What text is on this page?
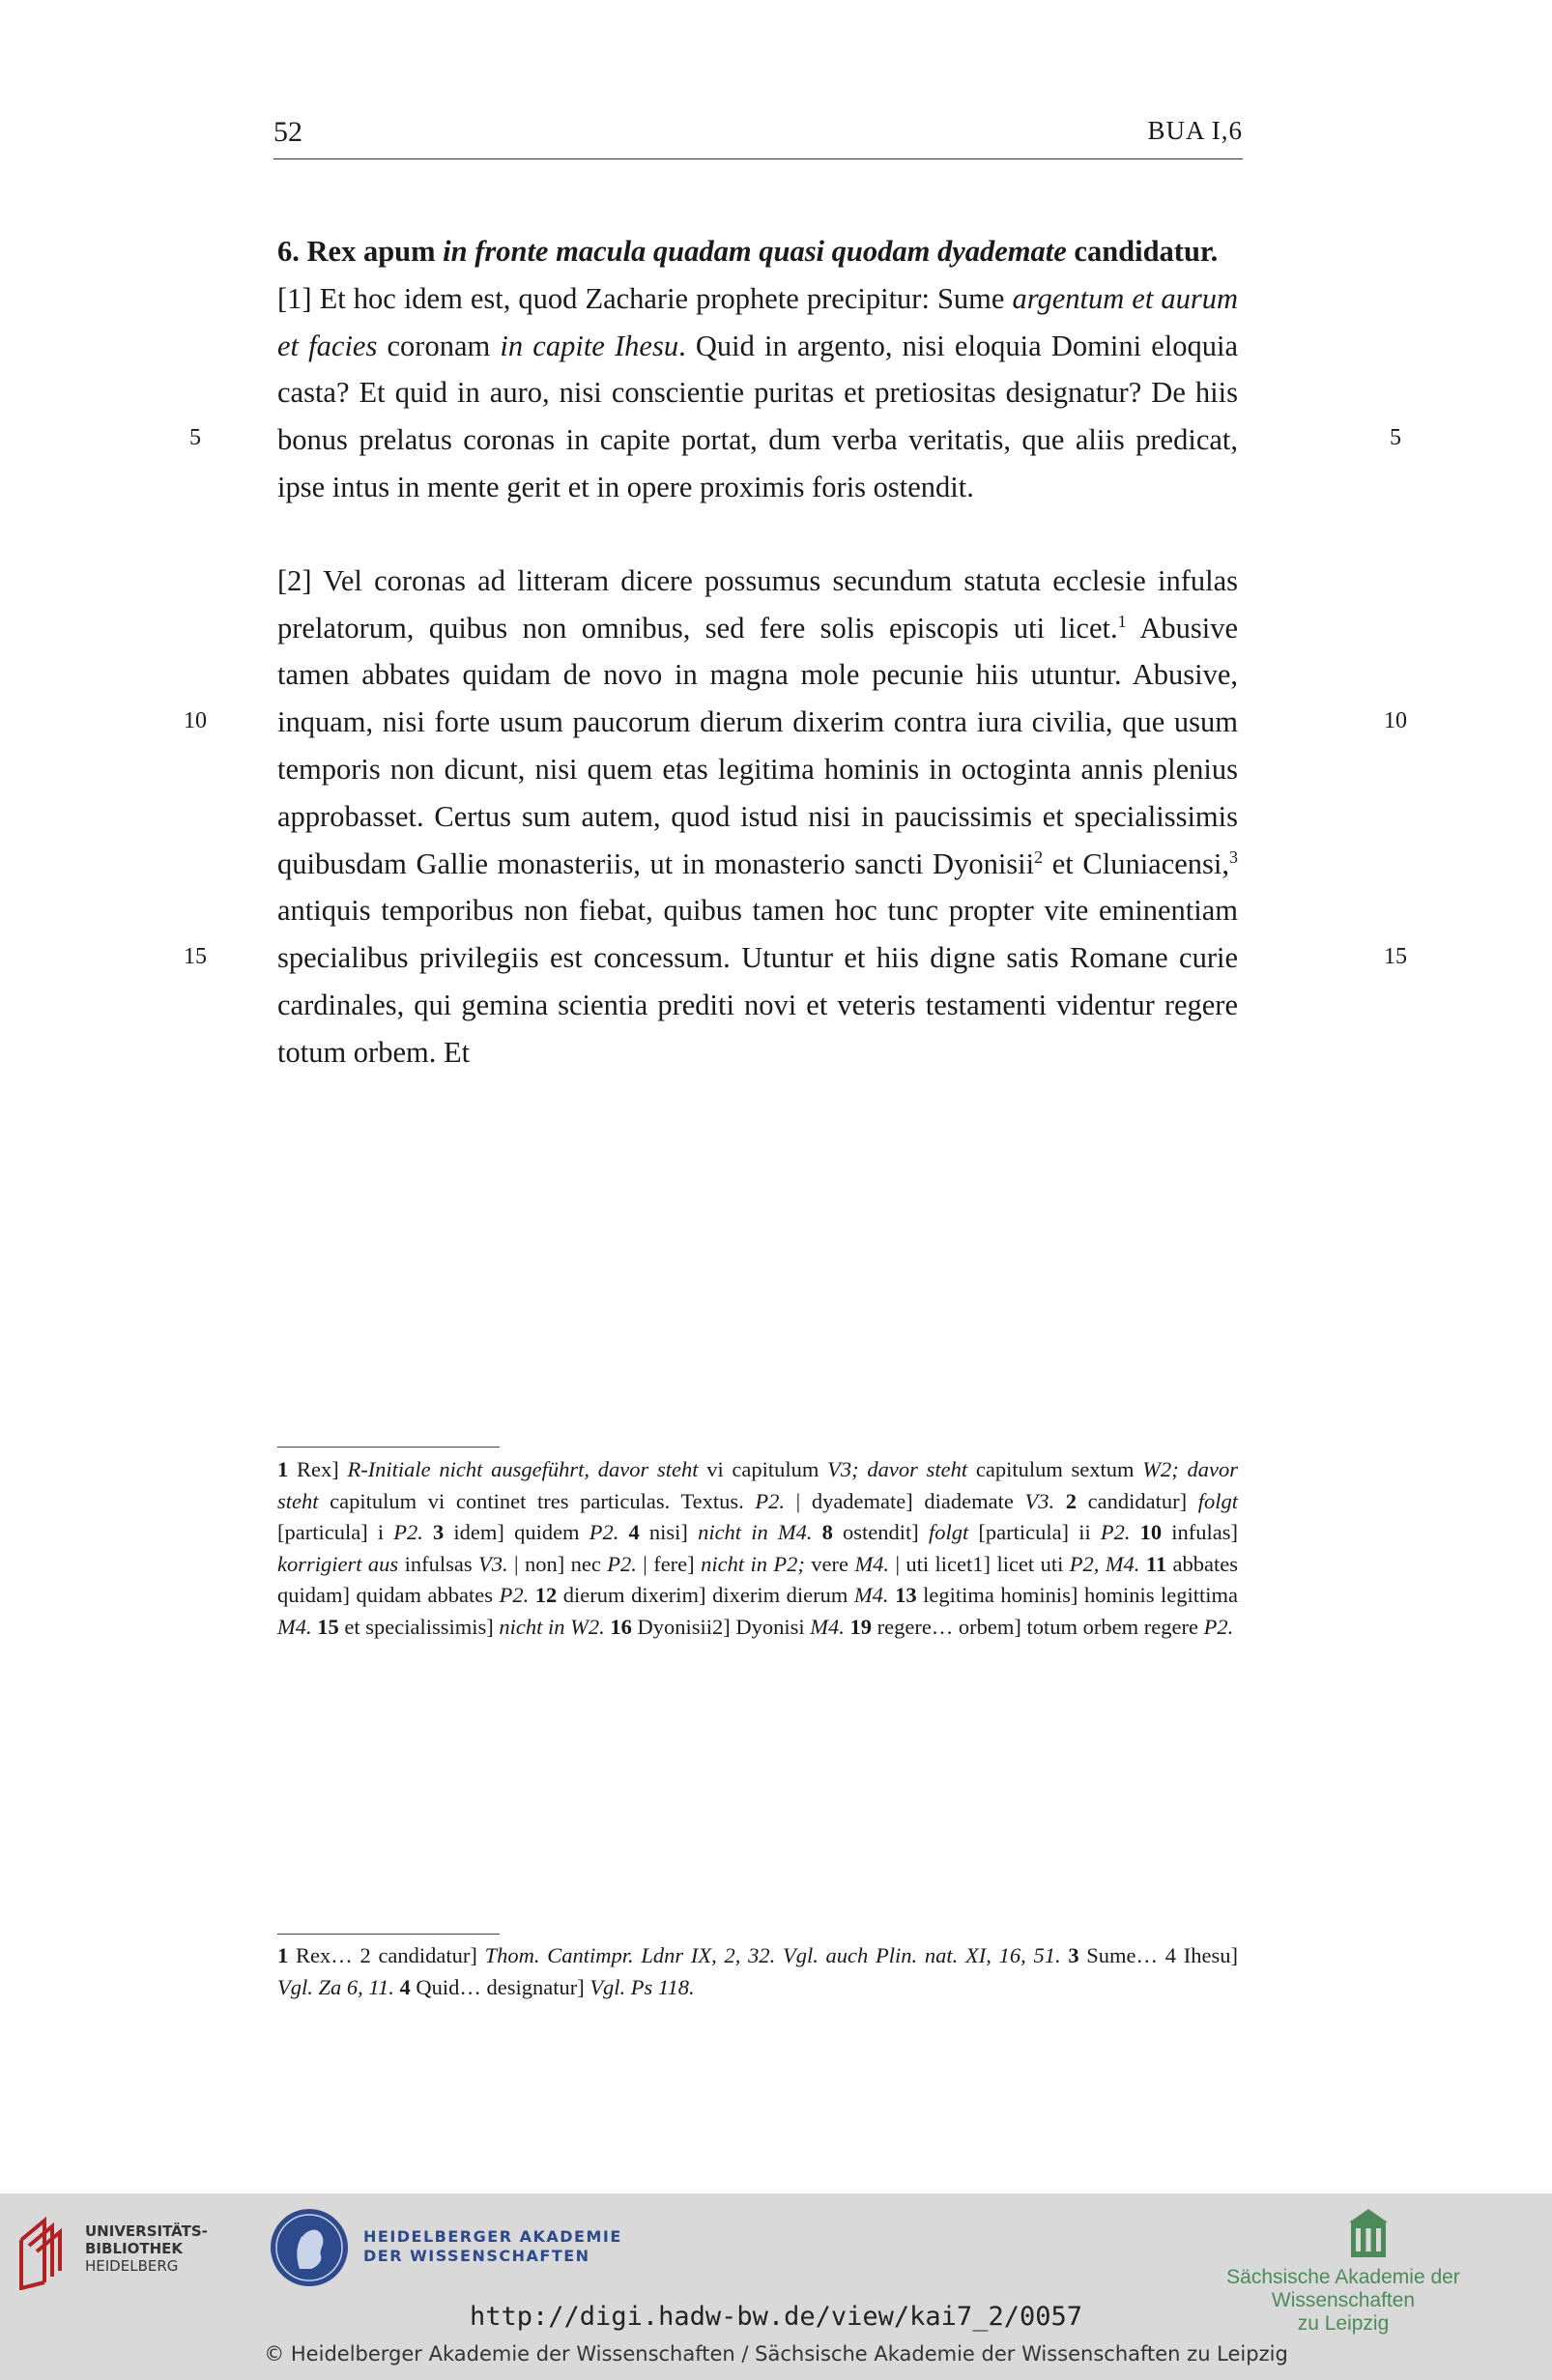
52	BUA I,6

6. Rex apum in fronte macula quadam quasi quodam dyademate candidatur.

[1] Et hoc idem est, quod Zacharie prophete precipitur: Sume argentum et aurum et facies coronam in capite Ihesu. Quid in argento, nisi eloquia Domini eloquia casta? Et quid in auro, nisi conscientie puritas et pretiositas designatur? De hiis bonus prelatus coronas in capite portat, dum verba veritatis, que aliis predicat, ipse intus in mente gerit et in opere proximis foris ostendit.

[2] Vel coronas ad litteram dicere possumus secundum statuta ecclesie infulas prelatorum, quibus non omnibus, sed fere solis episcopis uti licet.$^1$ Abusive tamen abbates quidam de novo in magna mole pecunie hiis utuntur. Abusive, inquam, nisi forte usum paucorum dierum dixerim contra iura civilia, que usum temporis non dicunt, nisi quem etas legitima hominis in octoginta annis plenius approbasset. Certus sum autem, quod istud nisi in paucissimis et specialissimis quibusdam Gallie monasteriis, ut in monasterio sancti Dyonisii$^2$ et Cluniacensi,$^3$ antiquis temporibus non fiebat, quibus tamen hoc tunc propter vite eminentiam specialibus privilegiis est concessum. Utuntur et hiis digne satis Romane curie cardinales, qui gemina scientia prediti novi et veteris testamenti videntur regere totum orbem. Et

5	5
10	10
15	15
1 Rex] R-Initiale nicht ausgeführt, davor steht vi capitulum V3; davor steht capitulum sextum W2; davor steht capitulum vi continet tres particulas. Textus. P2. | dyademate] diademate V3. 2 candidatur] folgt [particula] i P2. 3 idem] quidem P2. 4 nisi] nicht in M4. 8 ostendit] folgt [particula] ii P2. 10 infulas] korrigiert aus infulsas V3. | non] nec P2. | fere] nicht in P2; vere M4. | uti licet1] licet uti P2, M4. 11 abbates quidam] quidam abbates P2. 12 dierum dixerim] dixerim dierum M4. 13 legitima hominis] hominis legittima M4. 15 et specialissimis] nicht in W2. 16 Dyonisii2] Dyonisi M4. 19 regere… orbem] totum orbem regere P2.
1 Rex… 2 candidatur] Thom. Cantimpr. Ldnr IX, 2, 32. Vgl. auch Plin. nat. XI, 16, 51. 3 Sume… 4 Ihesu] Vgl. Za 6, 11. 4 Quid… designatur] Vgl. Ps 118.
UNIVERSITÄTS-
BIBLIOTHEK
HEIDELBERG
HEIDELBERGER AKADEMIE
DER WISSENSCHAFTEN
Sächsische Akademie der Wissenschaften
zu Leipzig
http://digi.hadw-bw.de/view/kai7_2/0057
© Heidelberger Akademie der Wissenschaften / Sächsische Akademie der Wissenschaften zu Leipzig
